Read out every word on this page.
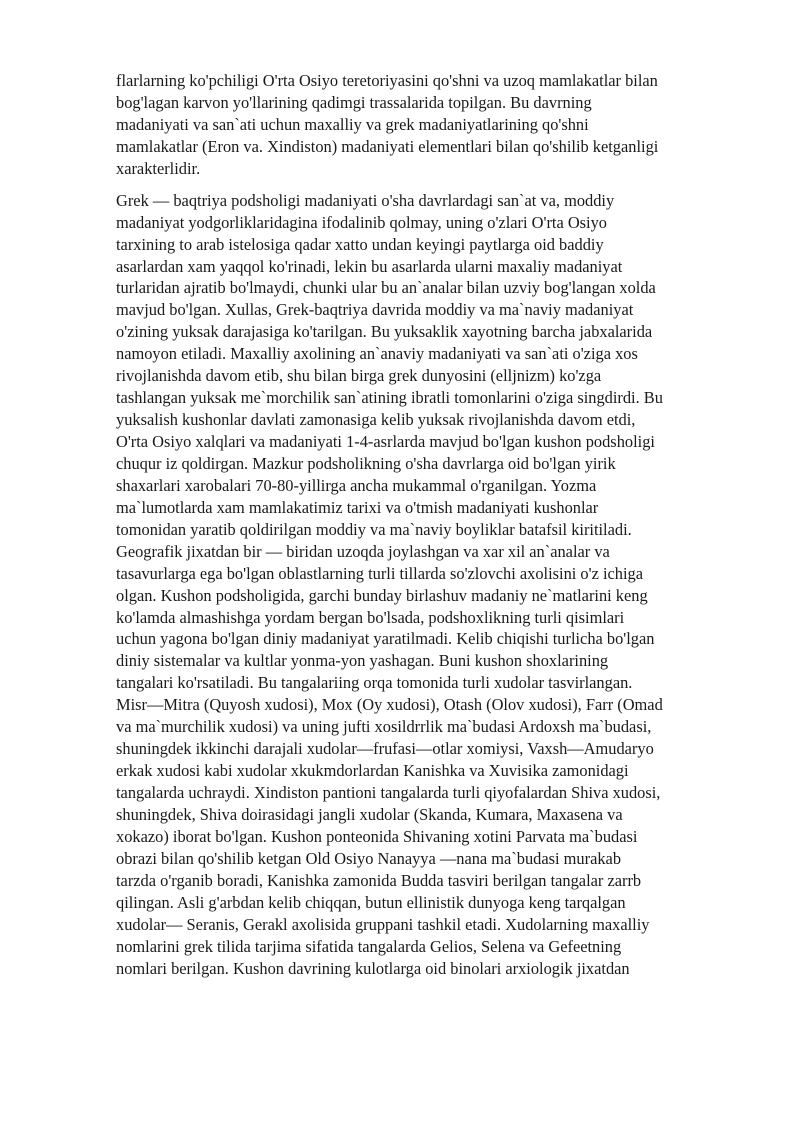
flarlarning ko'pchiligi O'rta Osiyo teretoriyasini qo'shni va uzoq mamlakatlar bilan
bog'lagan karvon yo'llarining qadimgi trassalarida topilgan. Bu davrning
madaniyati va san`ati uchun maxalliy va grek madaniyatlarining qo'shni
mamlakatlar (Eron va. Xindiston) madaniyati elementlari bilan qo'shilib ketganligi
xarakterlidir.
Grek — baqtriya podsholigi madaniyati o'sha davrlardagi san`at va, moddiy
madaniyat yodgorliklaridagina ifodalinib qolmay, uning o'zlari O'rta Osiyo
tarxining to arab istelosiga qadar xatto undan keyingi paytlarga oid baddiy
asarlardan xam yaqqol ko'rinadi, lekin bu asarlarda ularni maxaliy madaniyat
turlaridan ajratib bo'lmaydi, chunki ular bu an`analar bilan uzviy bog'langan xolda
mavjud bo'lgan. Xullas, Grek-baqtriya davrida moddiy va ma`naviy madaniyat
o'zining yuksak darajasiga ko'tarilgan. Bu yuksaklik xayotning barcha jabxalarida
namoyon etiladi. Maxalliy axolining an`anaviy madaniyati va san`ati o'ziga xos
rivojlanishda davom etib, shu bilan birga grek dunyosini (elljnizm) ko'zga
tashlangan yuksak me`morchilik san`atining ibratli tomonlarini o'ziga singdirdi. Bu
yuksalish kushonlar davlati zamonasiga kelib yuksak rivojlanishda davom etdi,
O'rta Osiyo xalqlari va madaniyati 1-4-asrlarda mavjud bo'lgan kushon podsholigi
chuqur iz qoldirgan. Mazkur podsholikning o'sha davrlarga oid bo'lgan yirik
shaxarlari xarobalari 70-80-yillirga ancha mukammal o'rganilgan. Yozma
ma`lumotlarda xam mamlakatimiz tarixi va o'tmish madaniyati kushonlar
tomonidan yaratib qoldirilgan moddiy va ma`naviy boyliklar batafsil kiritiladi.
Geografik jixatdan bir — biridan uzoqda joylashgan va xar xil an`analar va
tasavurlarga ega bo'lgan oblastlarning turli tillarda so'zlovchi axolisini o'z ichiga
olgan. Kushon podsholigida, garchi bunday birlashuv madaniy ne`matlarini keng
ko'lamda almashishga yordam bergan bo'lsada, podshoxlikning turli qisimlari
uchun yagona bo'lgan diniy madaniyat yaratilmadi. Kelib chiqishi turlicha bo'lgan
diniy sistemalar va kultlar yonma-yon yashagan. Buni kushon shoxlarining
tangalari ko'rsatiladi. Bu tangalariing orqa tomonida turli xudolar tasvirlangan.
Misr—Mitra (Quyosh xudosi), Mox (Oy xudosi), Otash (Olov xudosi), Farr (Omad
va ma`murchilik xudosi) va uning jufti xosildrrlik ma`budasi Ardoxsh ma`budasi,
shuningdek ikkinchi darajali xudolar—frufasi—otlar xomiysi, Vaxsh—Amudaryo
erkak xudosi kabi xudolar xkukmdorlardan Kanishka va Xuvisika zamonidagi
tangalarda uchraydi. Xindiston pantioni tangalarda turli qiyofalardan Shiva xudosi,
shuningdek, Shiva doirasidagi jangli xudolar (Skanda, Kumara, Maxasena va
xokazo) iborat bo'lgan. Kushon ponteonida Shivaning xotini Parvata ma`budasi
obrazi bilan qo'shilib ketgan Old Osiyo Nanayya —nana ma`budasi murakab
tarzda o'rganib boradi, Kanishka zamonida Budda tasviri berilgan tangalar zarrb
qilingan. Asli g'arbdan kelib chiqqan, butun ellinistik dunyoga keng tarqalgan
xudolar— Seranis, Gerakl axolisida gruppani tashkil etadi. Xudolarning maxalliy
nomlarini grek tilida tarjima sifatida tangalarda Gelios, Selena va Gefeetning
nomlari berilgan. Kushon davrining kulotlarga oid binolari arxiologik jixatdan
